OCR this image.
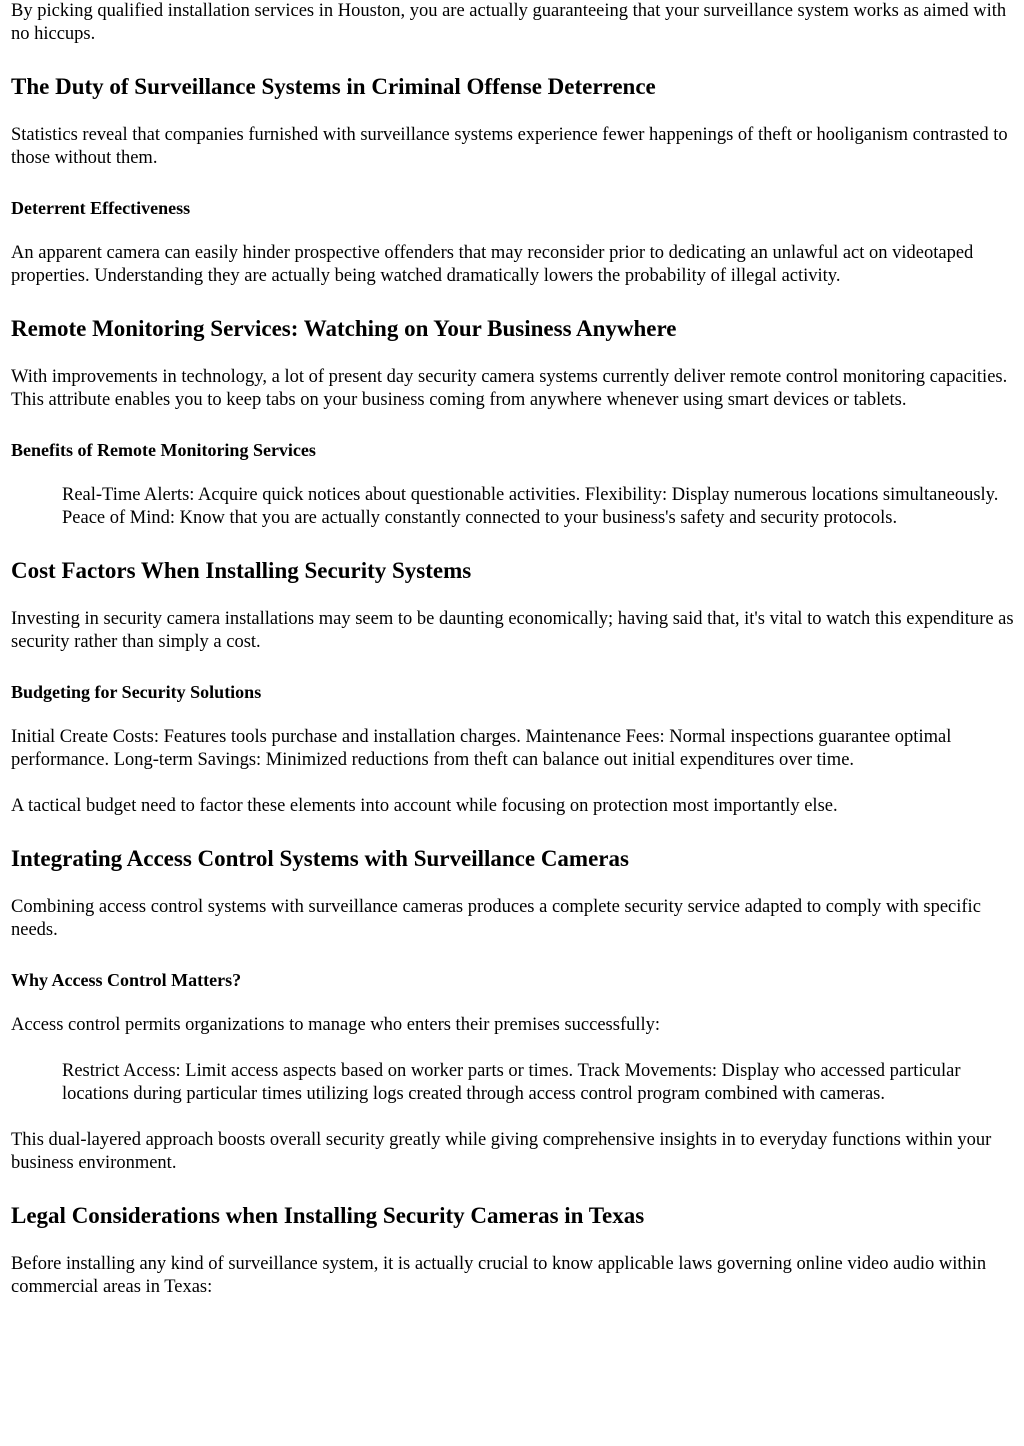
By picking qualified installation services in Houston, you are actually guaranteeing that your surveillance system works as aimed with no hiccups.

The Duty of Surveillance Systems in Criminal Offense Deterrence

Statistics reveal that companies furnished with surveillance systems experience fewer happenings of theft or hooliganism contrasted to those without them.

Deterrent Effectiveness

An apparent camera can easily hinder prospective offenders that may reconsider prior to dedicating an unlawful act on videotaped properties. Understanding they are actually being watched dramatically lowers the probability of illegal activity.

Remote Monitoring Services: Watching on Your Business Anywhere

With improvements in technology, a lot of present day security camera systems currently deliver remote control monitoring capacities. This attribute enables you to keep tabs on your business coming from anywhere whenever using smart devices or tablets.

Benefits of Remote Monitoring Services
Real-Time Alerts: Acquire quick notices about questionable activities. Flexibility: Display numerous locations simultaneously. Peace of Mind: Know that you are actually constantly connected to your business's safety and security protocols.
Cost Factors When Installing Security Systems

Investing in security camera installations may seem to be daunting economically; having said that, it's vital to watch this expenditure as security rather than simply a cost.

Budgeting for Security Solutions

Initial Create Costs: Features tools purchase and installation charges. Maintenance Fees: Normal inspections guarantee optimal performance. Long-term Savings: Minimized reductions from theft can balance out initial expenditures over time.

A tactical budget need to factor these elements into account while focusing on protection most importantly else.

Integrating Access Control Systems with Surveillance Cameras

Combining access control systems with surveillance cameras produces a complete security service adapted to comply with specific needs.

Why Access Control Matters?

Access control permits organizations to manage who enters their premises successfully:

Restrict Access: Limit access aspects based on worker parts or times. Track Movements: Display who accessed particular locations during particular times utilizing logs created through access control program combined with cameras.

This dual-layered approach boosts overall security greatly while giving comprehensive insights in to everyday functions within your business environment.

Legal Considerations when Installing Security Cameras in Texas

Before installing any kind of surveillance system, it is actually crucial to know applicable laws governing online video audio within commercial areas in Texas:
